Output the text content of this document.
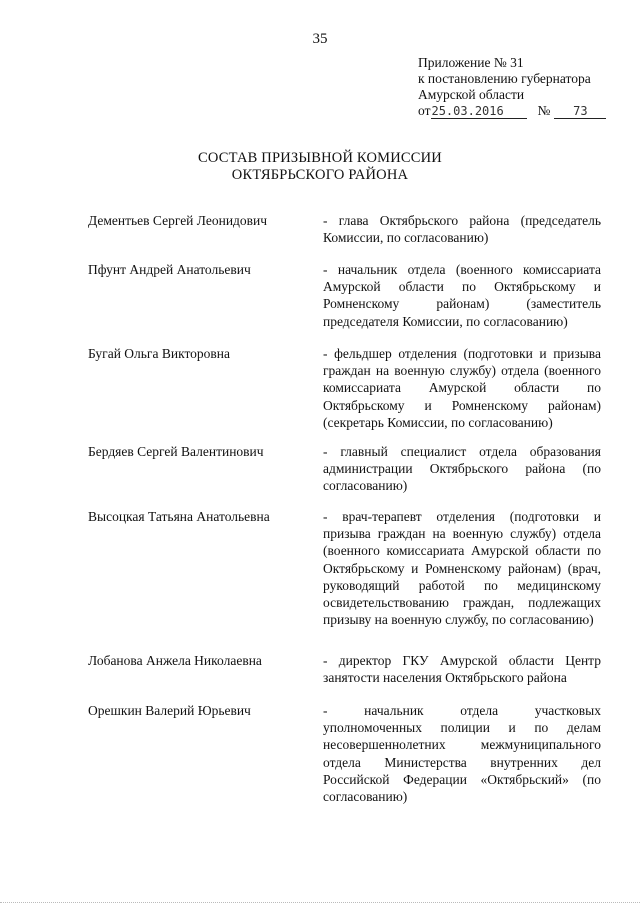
35
Приложение № 31
к постановлению губернатора
Амурской области
от 25.03.2016	№	73
СОСТАВ ПРИЗЫВНОЙ КОМИССИИ
ОКТЯБРЬСКОГО РАЙОНА
Дементьев Сергей Леонидович	- глава Октябрьского района (председатель Комиссии, по согласованию)
Пфунт Андрей Анатольевич	- начальник отдела (военного комиссариата Амурской области по Октябрьскому и Ромненскому районам) (заместитель председателя Комиссии, по согласованию)
Бугай Ольга Викторовна	- фельдшер отделения (подготовки и призыва граждан на военную службу) отдела (военного комиссариата Амурской области по Октябрьскому и Ромненскому районам) (секретарь Комиссии, по согласованию)
Бердяев Сергей Валентинович	- главный специалист отдела образования администрации Октябрьского района (по согласованию)
Высоцкая Татьяна Анатольевна	- врач-терапевт отделения (подготовки и призыва граждан на военную службу) отдела (военного комиссариата Амурской области по Октябрьскому и Ромненскому районам) (врач, руководящий работой по медицинскому освидетельствованию граждан, подлежащих призыву на военную службу, по согласованию)
Лобанова Анжела Николаевна	- директор ГКУ Амурской области Центр занятости населения Октябрьского района
Орешкин Валерий Юрьевич	- начальник отдела участковых уполномоченных полиции и по делам несовершеннолетних межмуниципального отдела Министерства внутренних дел Российской Федерации «Октябрьский» (по согласованию)
